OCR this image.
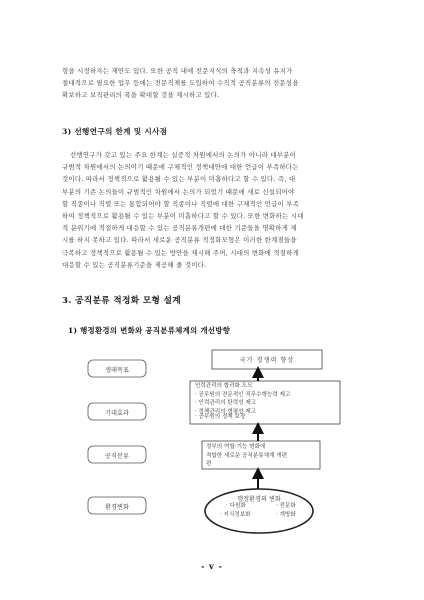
형을 시정하자는 제안도 있다. 또한 공직 내에 전문지식의 축적과 지속성 유지가
절대적으로 필요한 업무 등에는 전문직제를 도입하여 수직적 공직분류의 전문성을
확보하고 보직관리의 폭을 확대할 것을 제시하고 있다.
3) 선행연구의 한계 및 시사점
선행연구가 갖고 있는 주요 한계는 실증적 차원에서의 논의가 아니라 대부분이
규범적 차원에서의 논의이기 때문에 구체적인 정책대안에 대한 언급이 부족하다는
것이다. 따라서 정책적으로 활용될 수 있는 부분이 미흡하다고 할 수 있다. 즉, 대
부분의 기존 논의들이 규범적인 차원에서 논의가 되었기 때문에 새로 신설되어야
할 직종이나 직렬 또는 통합되어야 할 직종이나 직렬에 대한 구체적인 언급이 부족
하여 정책적으로 활용될 수 있는 부분이 미흡하다고 할 수 있다. 또한 변화하는 시대
적 분위기에 적절하게 대응할 수 있는 공직분류개편에 대한 기준들을 명확하게 제
시를 하지 못하고 있다. 따라서 새로운 공직분류 적정화모형은 이러한 한계점들을
극복하고 정책적으로 활용될 수 있는 방안을 제시해 주며, 시대의 변화에 적절하게
대응할 수 있는 공직분류기준을 제공해 줄 것이다.
3. 공직분류 적정화 모형 설계
1) 행정환경의 변화와 공직분류체계의 개선방향
생래목표
기대효과
공직분류
환경변화
국가 경쟁력 향상
인력관리의 합리화 도모
· 공무원의 전문적인 직무수행능력 제고
· 인력관리의 탄력성 제고
· 정책관리의 형평성 제고
· 공무원의 정책 보장
정부의 역할·기능 변화에
적합한 새로운 공직분류체계 개편
편
행정환경의 변화
· 다원화	· 전문화
· 지식정보화	· 개방화
- v -
